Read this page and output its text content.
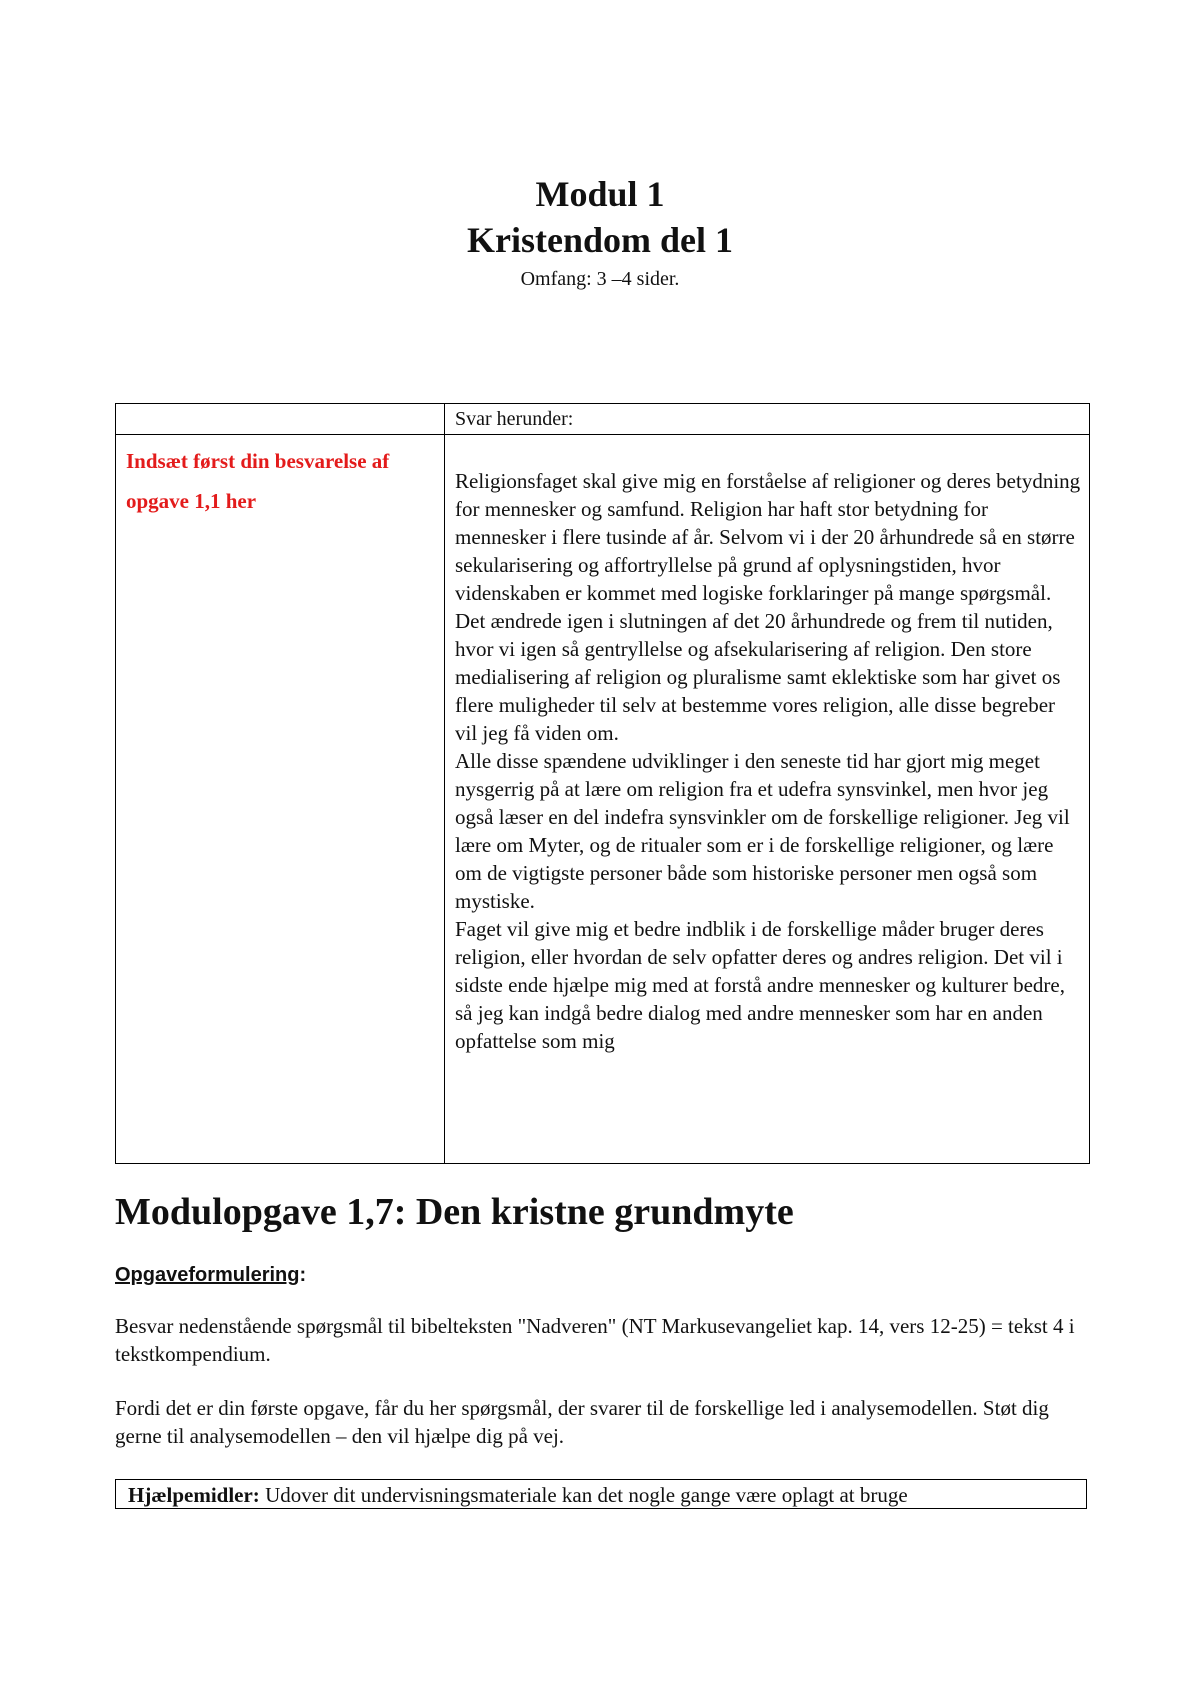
Modul 1
Kristendom del 1
Omfang: 3 –4 sider.
	Svar herunder:

Indsæt først din besvarelse af opgave 1,1 her	Religionsfaget skal give mig en forståelse af religioner og deres betydning for mennesker og samfund. Religion har haft stor betydning for mennesker i flere tusinde af år. Selvom vi i der 20 århundrede så en større sekularisering og affortryllelse på grund af oplysningstiden, hvor videnskaben er kommet med logiske forklaringer på mange spørgsmål. Det ændrede igen i slutningen af det 20 århundrede og frem til nutiden, hvor vi igen så gentryllelse og afsekularisering af religion. Den store medialisering af religion og pluralisme samt eklektiske som har givet os flere muligheder til selv at bestemme vores religion, alle disse begreber vil jeg få viden om.

Alle disse spændene udviklinger i den seneste tid har gjort mig meget nysgerrig på at lære om religion fra et udefra synsvinkel, men hvor jeg også læser en del indefra synsvinkler om de forskellige religioner. Jeg vil lære om Myter, og de ritualer som er i de forskellige religioner, og lære om de vigtigste personer både som historiske personer men også som mystiske.

Faget vil give mig et bedre indblik i de forskellige måder bruger deres religion, eller hvordan de selv opfatter deres og andres religion. Det vil i sidste ende hjælpe mig med at forstå andre mennesker og kulturer bedre, så jeg kan indgå bedre dialog med andre mennesker som har en anden opfattelse som mig

Modulopgave 1,7: Den kristne grundmyte
Opgaveformulering:

Besvar nedenstående spørgsmål til bibelteksten "Nadveren" (NT Markusevangeliet kap. 14, vers 12-25) = tekst 4 i tekstkompendium.

Fordi det er din første opgave, får du her spørgsmål, der svarer til de forskellige led i analysemodellen. Støt dig gerne til analysemodellen – den vil hjælpe dig på vej.

Hjælpemidler: Udover dit undervisningsmateriale kan det nogle gange være oplagt at bruge
